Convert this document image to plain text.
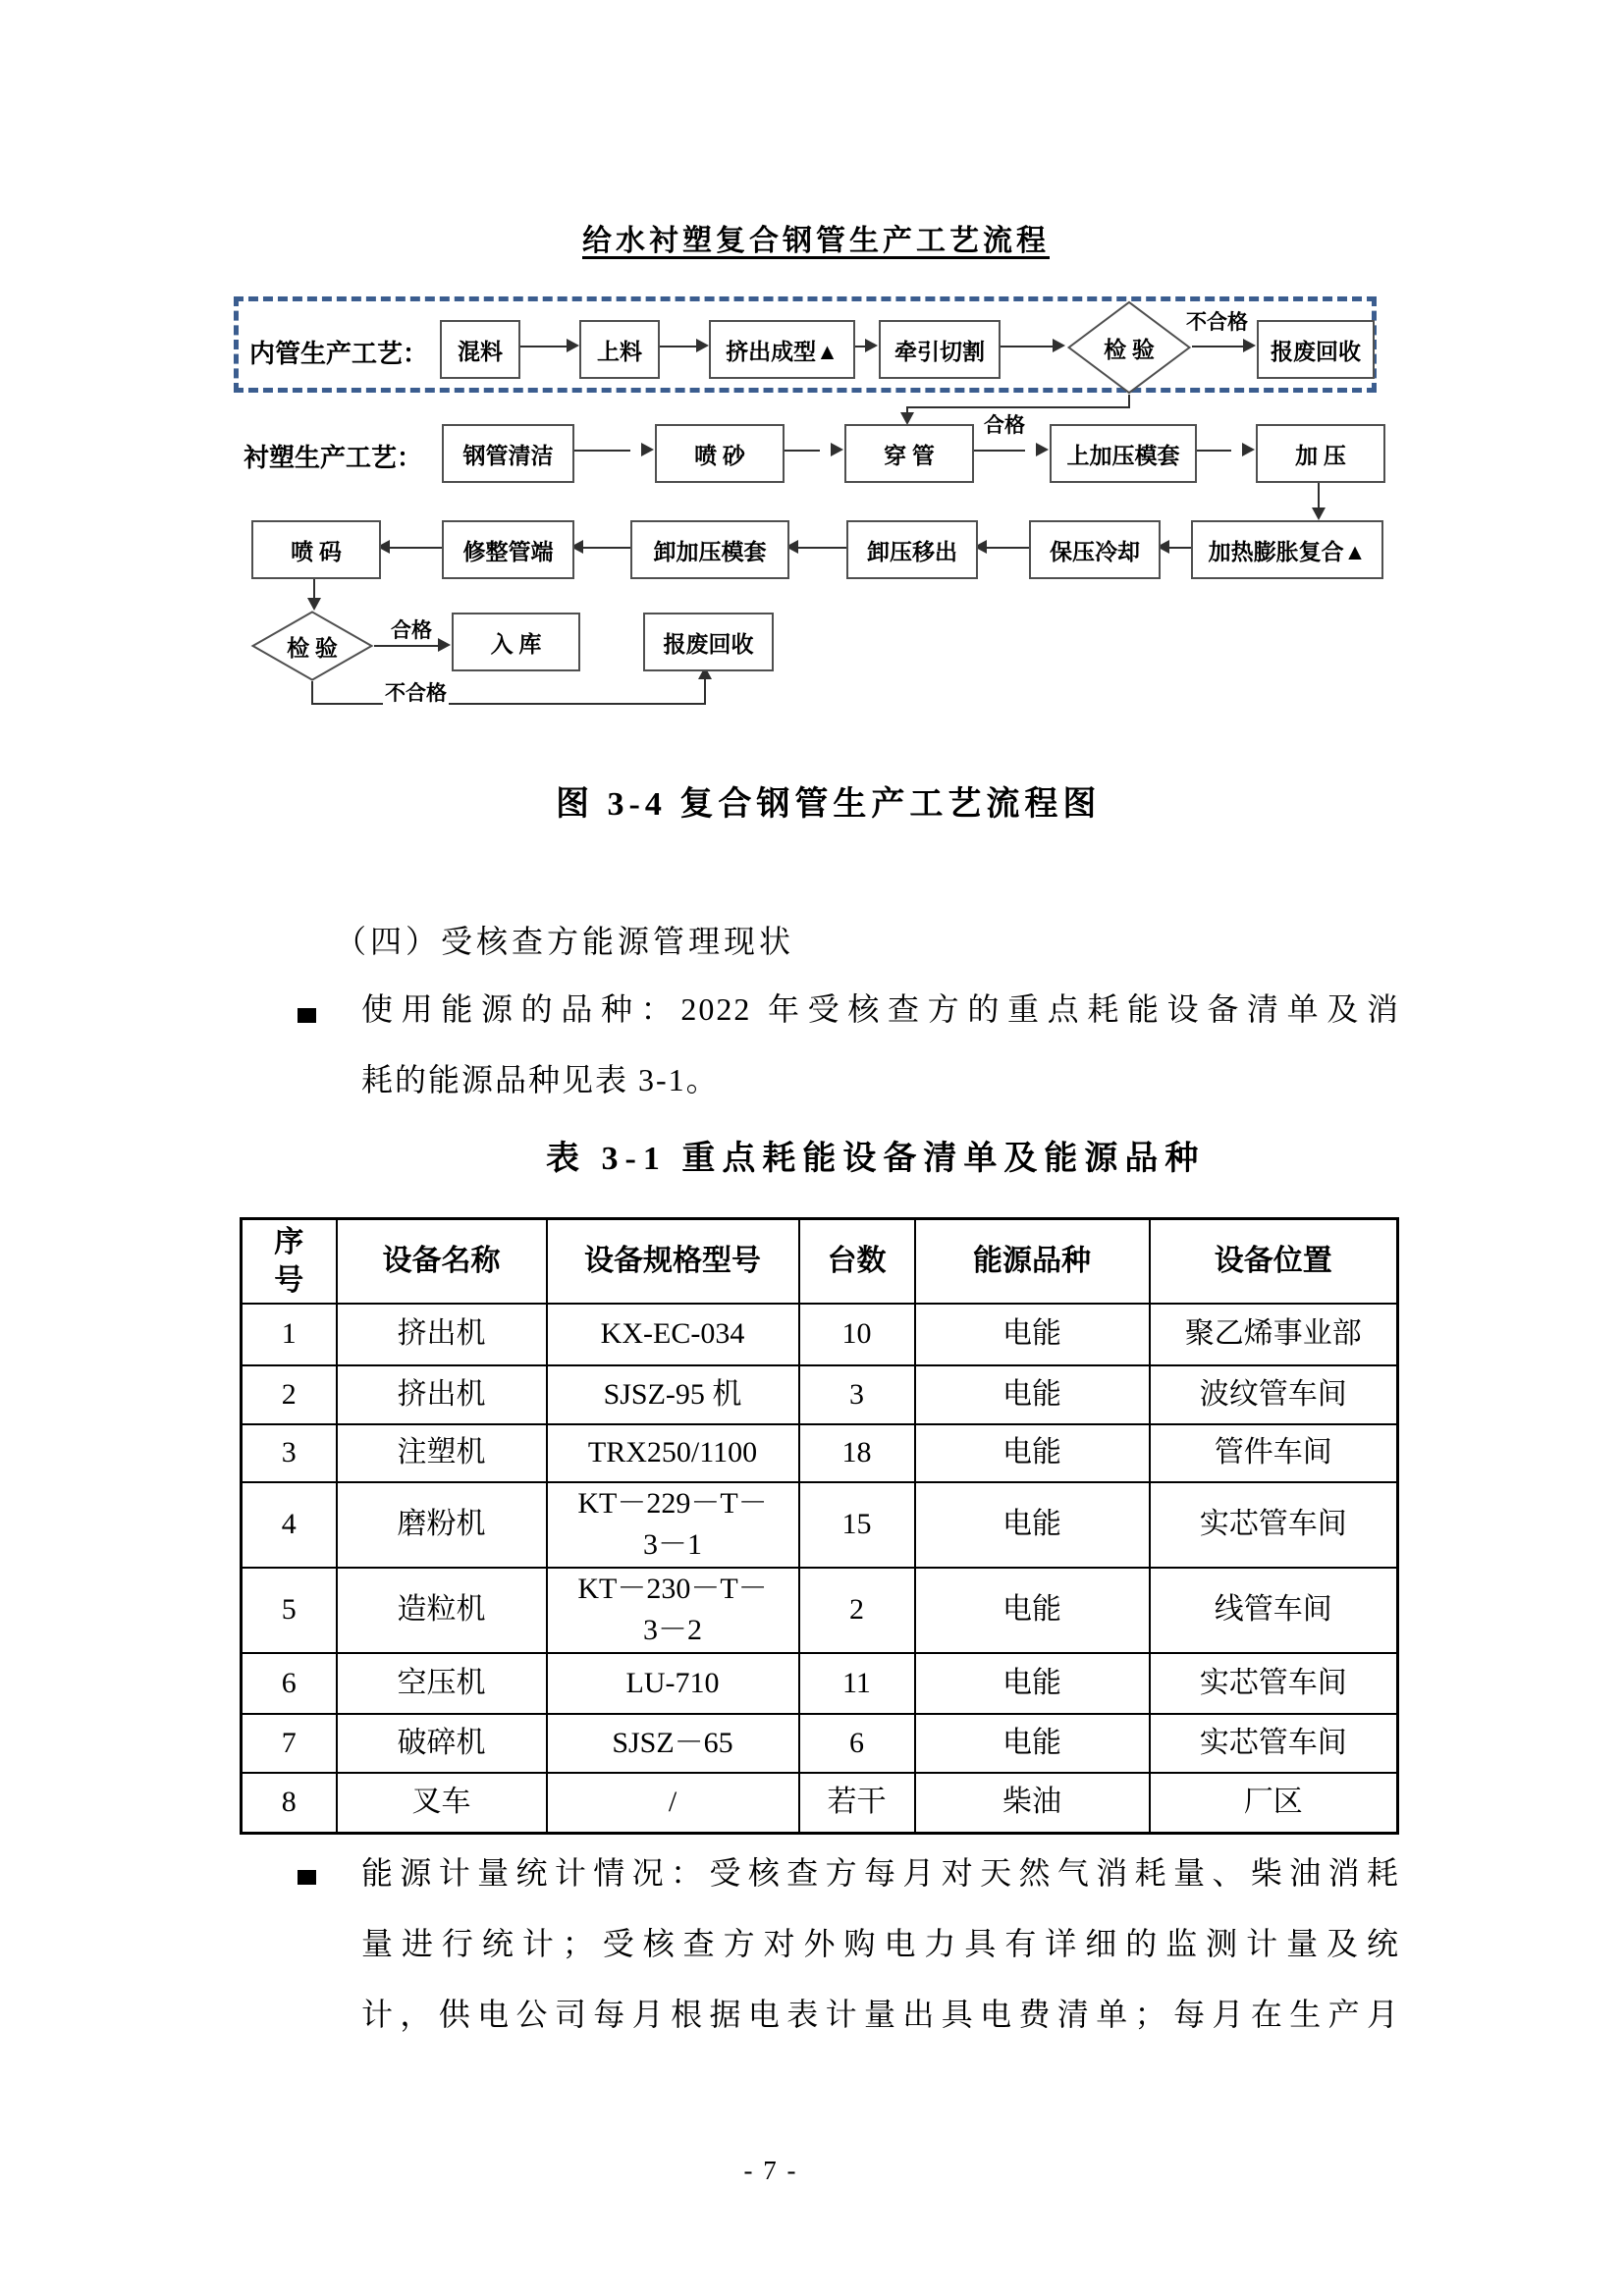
给水衬塑复合钢管生产工艺流程
内管生产工艺： 混料	上料	挤出成型▲ 牵引切割	检 验	报废回收
不合格
合格
衬塑生产工艺： 钢管清洁	喷 砂	穿 管	上加压模套	加 压
喷 码	修整管端	卸加压模套	卸压移出	保压冷却	加热膨胀复合▲
检 验
合格
入 库	报废回收
不合格
图 3-4 复合钢管生产工艺流程图
（四）受核查方能源管理现状
使用能源的品种：2022 年受核查方的重点耗能设备清单及消
耗的能源品种见表 3-1。
表 3-1 重点耗能设备清单及能源品种
序号	设备名称	设备规格型号	台数	能源品种	设备位置
1	挤出机	KX-EC-034	10	电能	聚乙烯事业部
2	挤出机	SJSZ-95 机	3	电能	波纹管车间
3	注塑机	TRX250/1100	18	电能	管件车间
4	磨粉机	KT－229－T－
3－1	15	电能	实芯管车间
5	造粒机	KT－230－T－
3－2	2	电能	线管车间
6	空压机	LU-710	11	电能	实芯管车间
7	破碎机	SJSZ－65	6	电能	实芯管车间
8	叉车	/	若干	柴油	厂区
能源计量统计情况：受核查方每月对天然气消耗量、柴油消耗
量进行统计；受核查方对外购电力具有详细的监测计量及统
计，供电公司每月根据电表计量出具电费清单；每月在生产月
- 7 -
